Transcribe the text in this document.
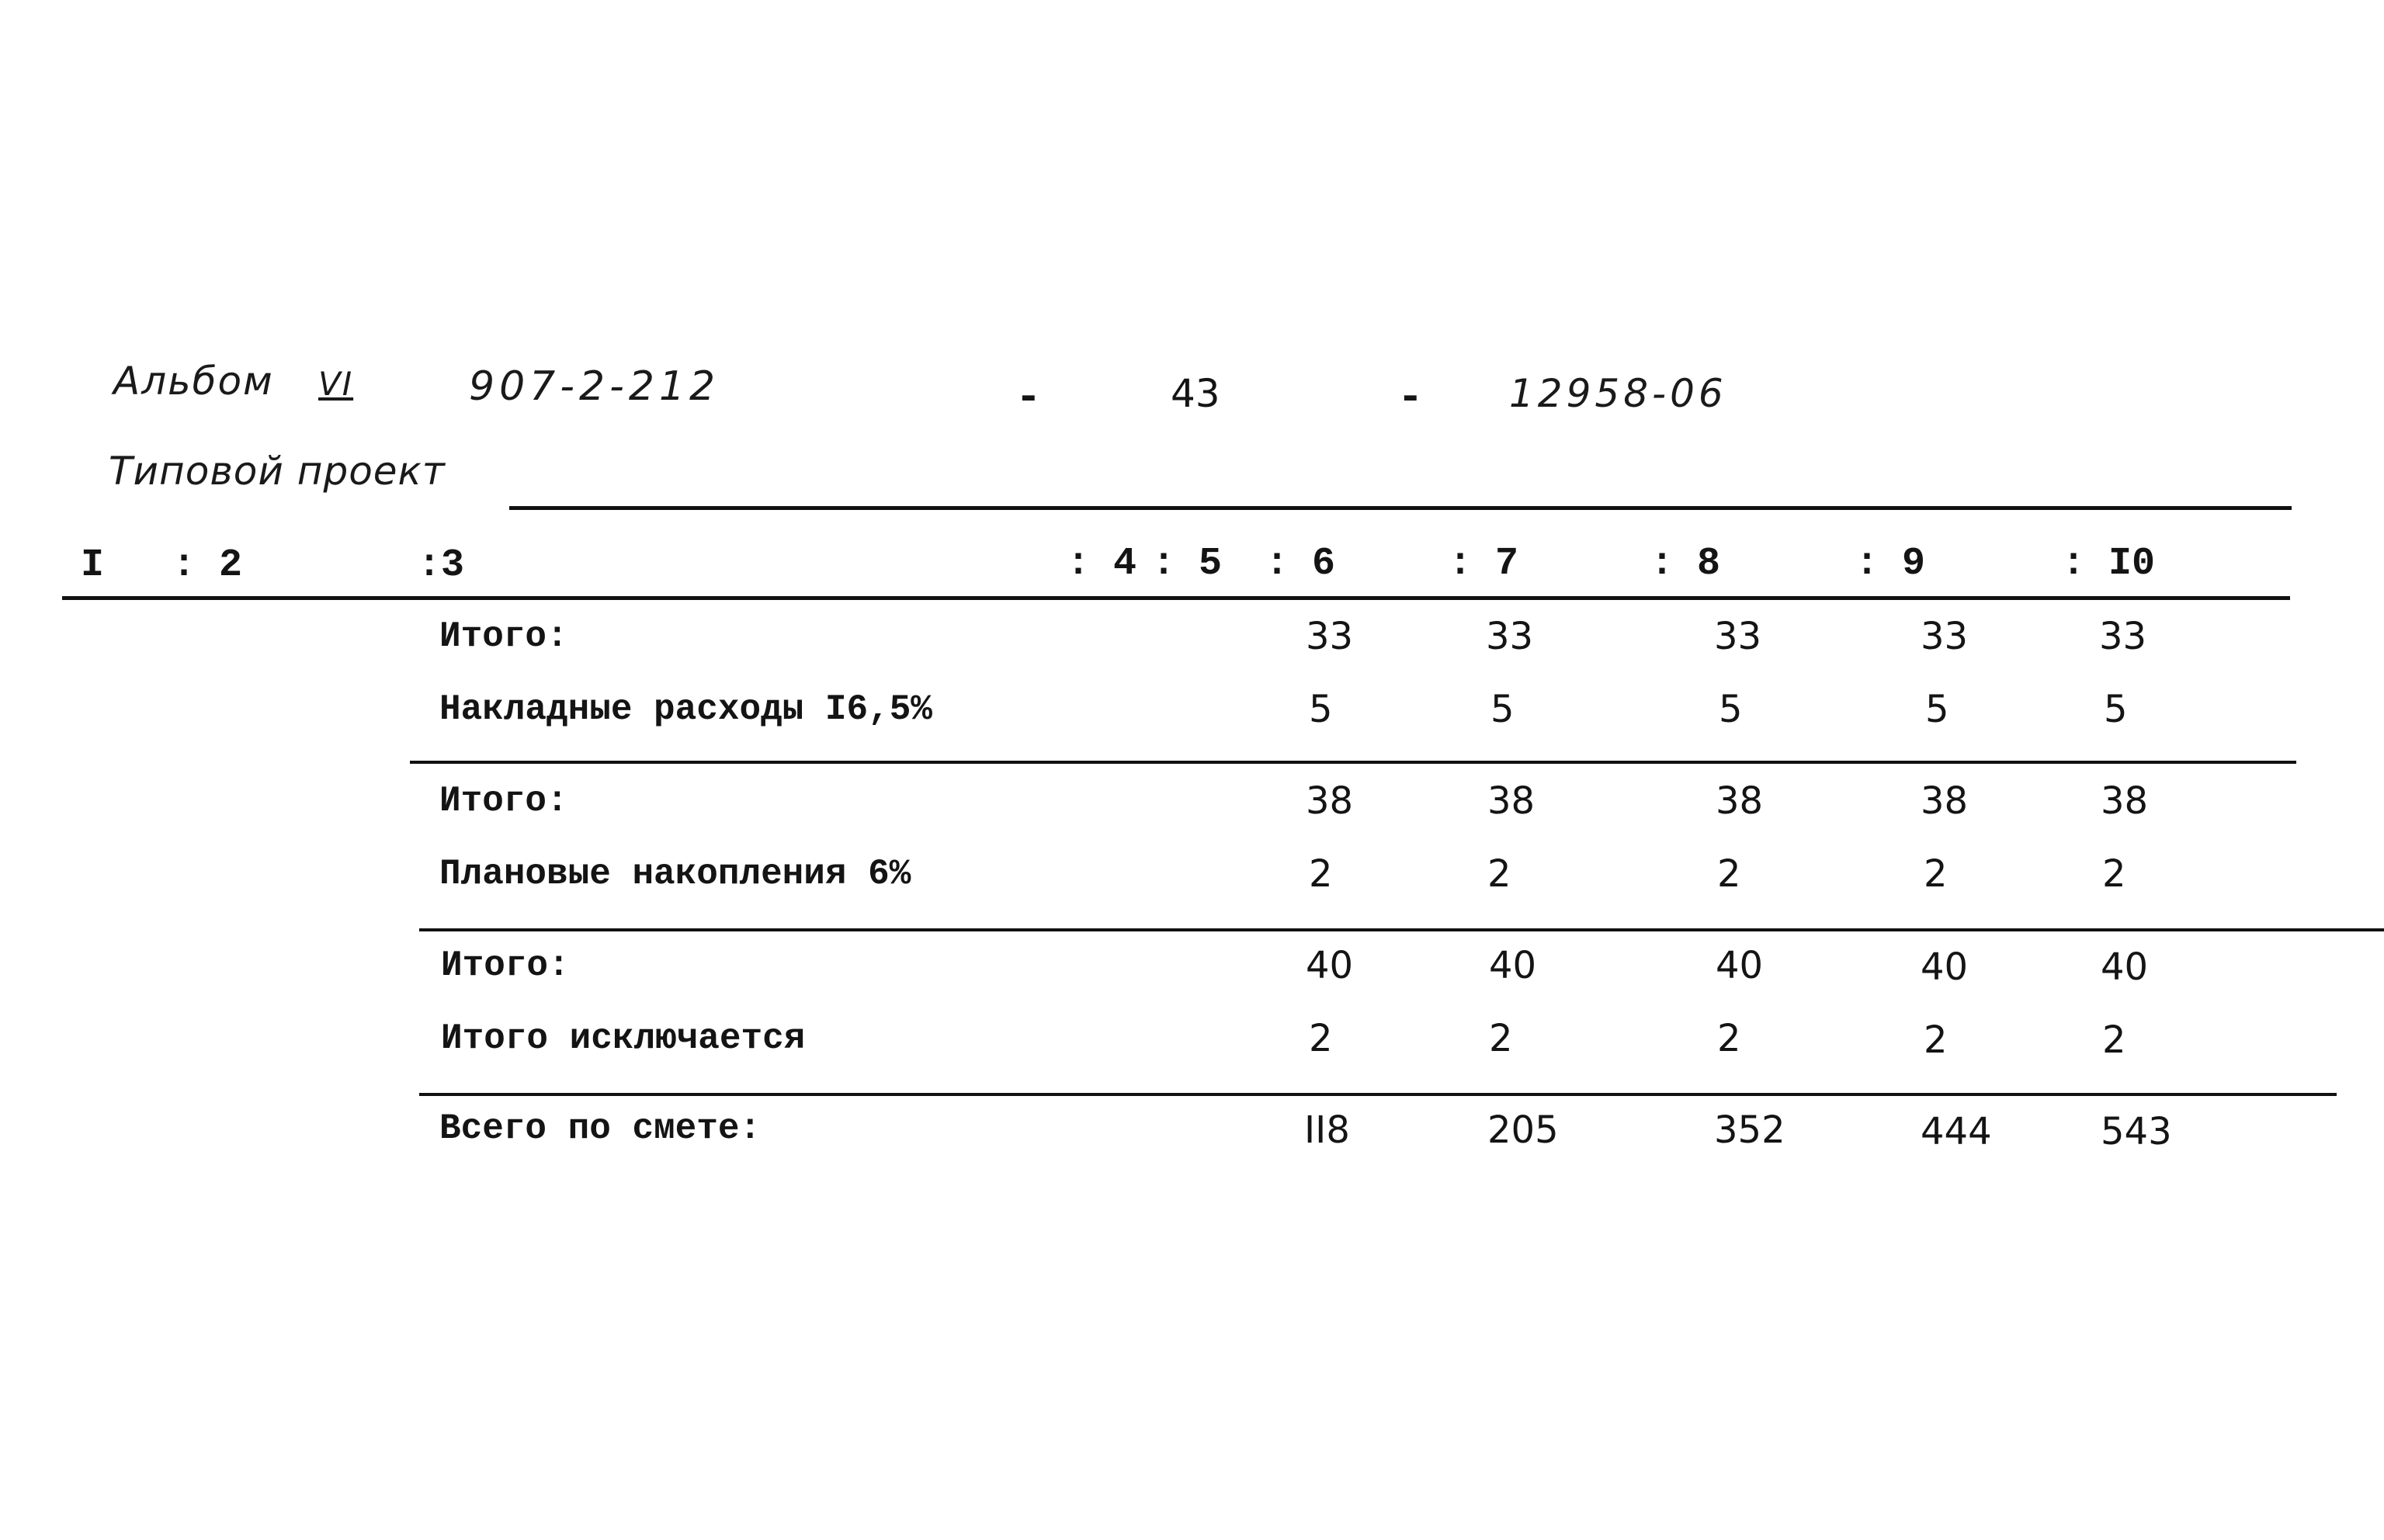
Альбом VI	907-2-212	-	43	- 12958-06
Типовой проект
I : 2	:3	: 4 : 5 : 6	: 7	: 8	: 9	: I0
Итого:	33	33	33	33	33
Накладные расходы I6,5%	5	5	5	5	5
Итого:	38	38	38	38	38
Плановые накопления 6%	2	2	2	2	2
Итого:	40	40	40	40	40
Итого исключается	2	2	2	2	2
Всего по смете:	II8	205	352	444	543
